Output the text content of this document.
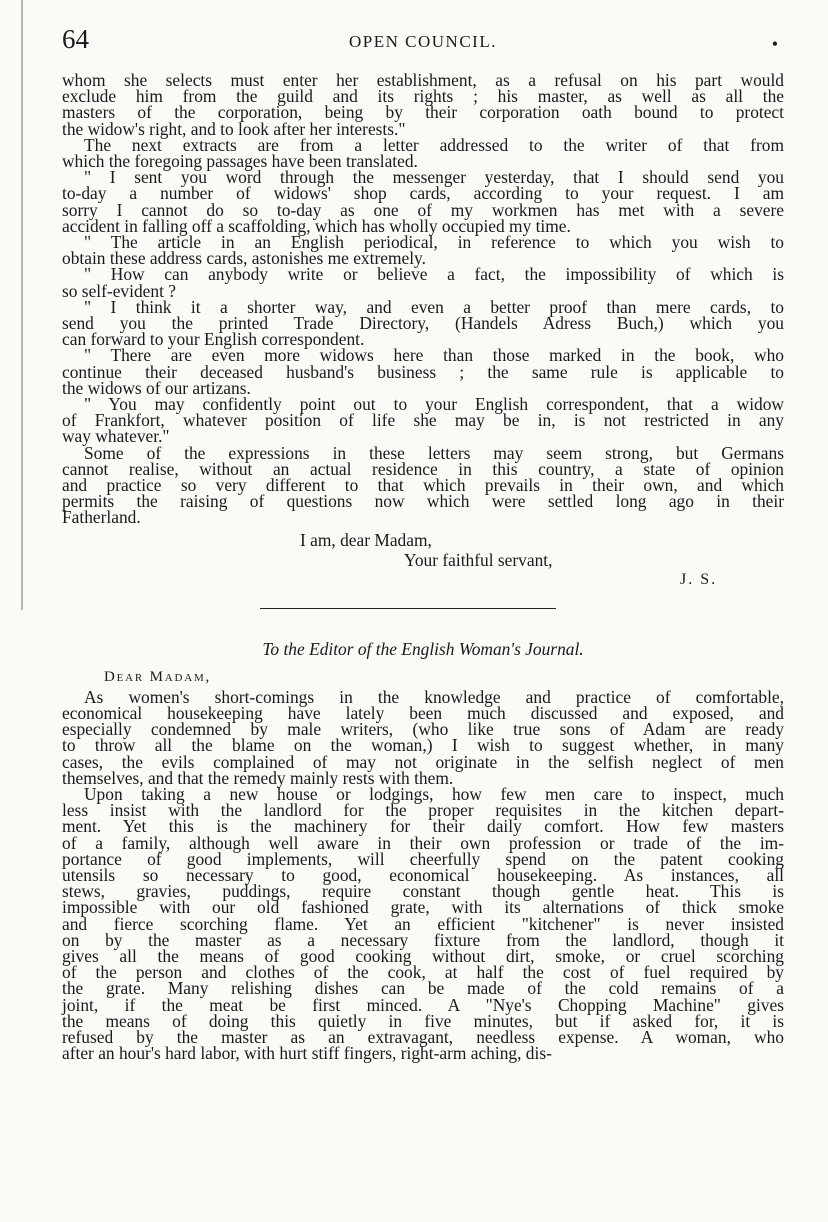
64	OPEN COUNCIL.	•

whom she selects must enter her establishment, as a refusal on his part would

exclude him from the guild and its rights ; his master, as well as all the

masters of the corporation, being by their corporation oath bound to protect

the widow's right, and to look after her interests."

The next extracts are from a letter addressed to the writer of that from

which the foregoing passages have been translated.

" I sent you word through the messenger yesterday, that I should send you

to-day a number of widows' shop cards, according to your request. I am

sorry I cannot do so to-day as one of my workmen has met with a severe

accident in falling off a scaffolding, which has wholly occupied my time.

" The article in an English periodical, in reference to which you wish to

obtain these address cards, astonishes me extremely.

" How can anybody write or believe a fact, the impossibility of which is

so self-evident ?

" I think it a shorter way, and even a better proof than mere cards, to

send you the printed Trade Directory, (Handels Adress Buch,) which you

can forward to your English correspondent.

" There are even more widows here than those marked in the book, who

continue their deceased husband's business ; the same rule is applicable to

the widows of our artizans.

" You may confidently point out to your English correspondent, that a widow

of Frankfort, whatever position of life she may be in, is not restricted in any

way whatever."

Some of the expressions in these letters may seem strong, but Germans

cannot realise, without an actual residence in this country, a state of opinion

and practice so very different to that which prevails in their own, and which

permits the raising of questions now which were settled long ago in their

Fatherland.

I am, dear Madam,
Your faithful servant,
J. S.
To the Editor of the English Woman's Journal.
Dear Madam,

As women's short-comings in the knowledge and practice of comfortable,

economical housekeeping have lately been much discussed and exposed, and

especially condemned by male writers, (who like true sons of Adam are ready

to throw all the blame on the woman,) I wish to suggest whether, in many

cases, the evils complained of may not originate in the selfish neglect of men

themselves, and that the remedy mainly rests with them.

Upon taking a new house or lodgings, how few men care to inspect, much

less insist with the landlord for the proper requisites in the kitchen depart-

ment. Yet this is the machinery for their daily comfort. How few masters

of a family, although well aware in their own profession or trade of the im-

portance of good implements, will cheerfully spend on the patent cooking

utensils so necessary to good, economical housekeeping. As instances, all

stews, gravies, puddings, require constant though gentle heat. This is

impossible with our old fashioned grate, with its alternations of thick smoke

and fierce scorching flame. Yet an efficient "kitchener" is never insisted

on by the master as a necessary fixture from the landlord, though it

gives all the means of good cooking without dirt, smoke, or cruel scorching

of the person and clothes of the cook, at half the cost of fuel required by

the grate. Many relishing dishes can be made of the cold remains of a

joint, if the meat be first minced. A "Nye's Chopping Machine" gives

the means of doing this quietly in five minutes, but if asked for, it is

refused by the master as an extravagant, needless expense. A woman, who

after an hour's hard labor, with hurt stiff fingers, right-arm aching, dis-
